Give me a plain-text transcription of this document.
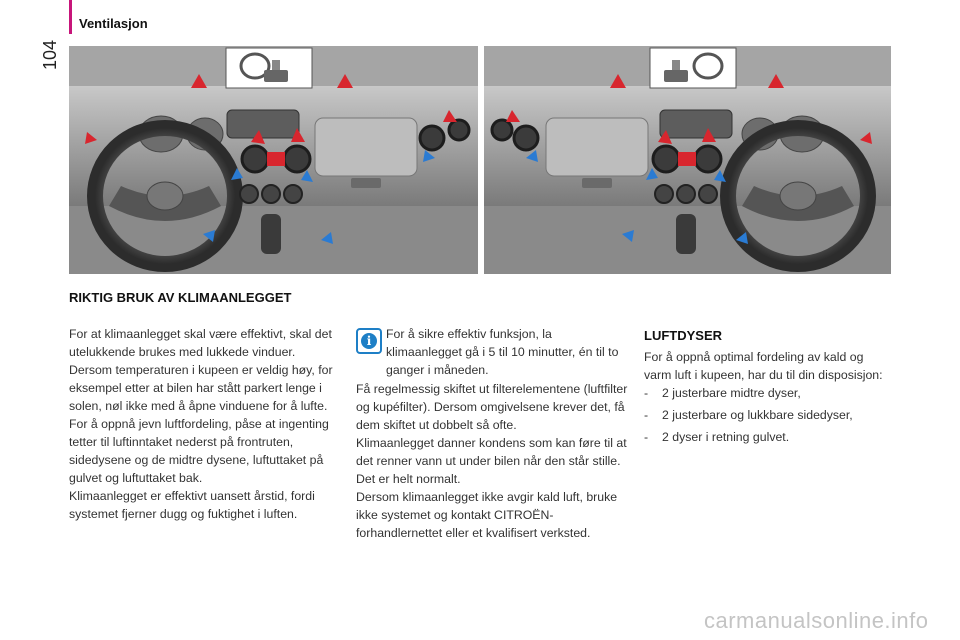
Ventilasjon
104
RIKTIG BRUK AV KLIMAANLEGGET

For at klimaanlegget skal være effektivt, skal det utelukkende brukes med lukkede vinduer. Dersom temperaturen i kupeen er veldig høy, for eksempel etter at bilen har stått parkert lenge i solen, nøl ikke med å åpne vinduene for å lufte.

For å oppnå jevn luftfordeling, påse at ingenting tetter til luftinntaket nederst på frontruten, sidedysene og de midtre dysene, luftuttaket på gulvet og luftuttaket bak.

Klimaanlegget er effektivt uansett årstid, fordi systemet fjerner dugg og fuktighet i luften.

i	For å sikre effektiv funksjon, la klimaanlegget gå i 5 til 10 minutter, én til to ganger i måneden.

Få regelmessig skiftet ut filterelementene (luftfilter og kupéfilter). Dersom omgivelsene krever det, få dem skiftet ut dobbelt så ofte.

Klimaanlegget danner kondens som kan føre til at det renner vann ut under bilen når den står stille. Det er helt normalt.

Dersom klimaanlegget ikke avgir kald luft, bruke ikke systemet og kontakt CITROËN-forhandlernettet eller et kvalifisert verksted.

LUFTDYSER
For å oppnå optimal fordeling av kald og varm luft i kupeen, har du til din disposisjon:
-	2 justerbare midtre dyser,
-	2 justerbare og lukkbare sidedyser,
-	2 dyser i retning gulvet.
carmanualsonline.info
